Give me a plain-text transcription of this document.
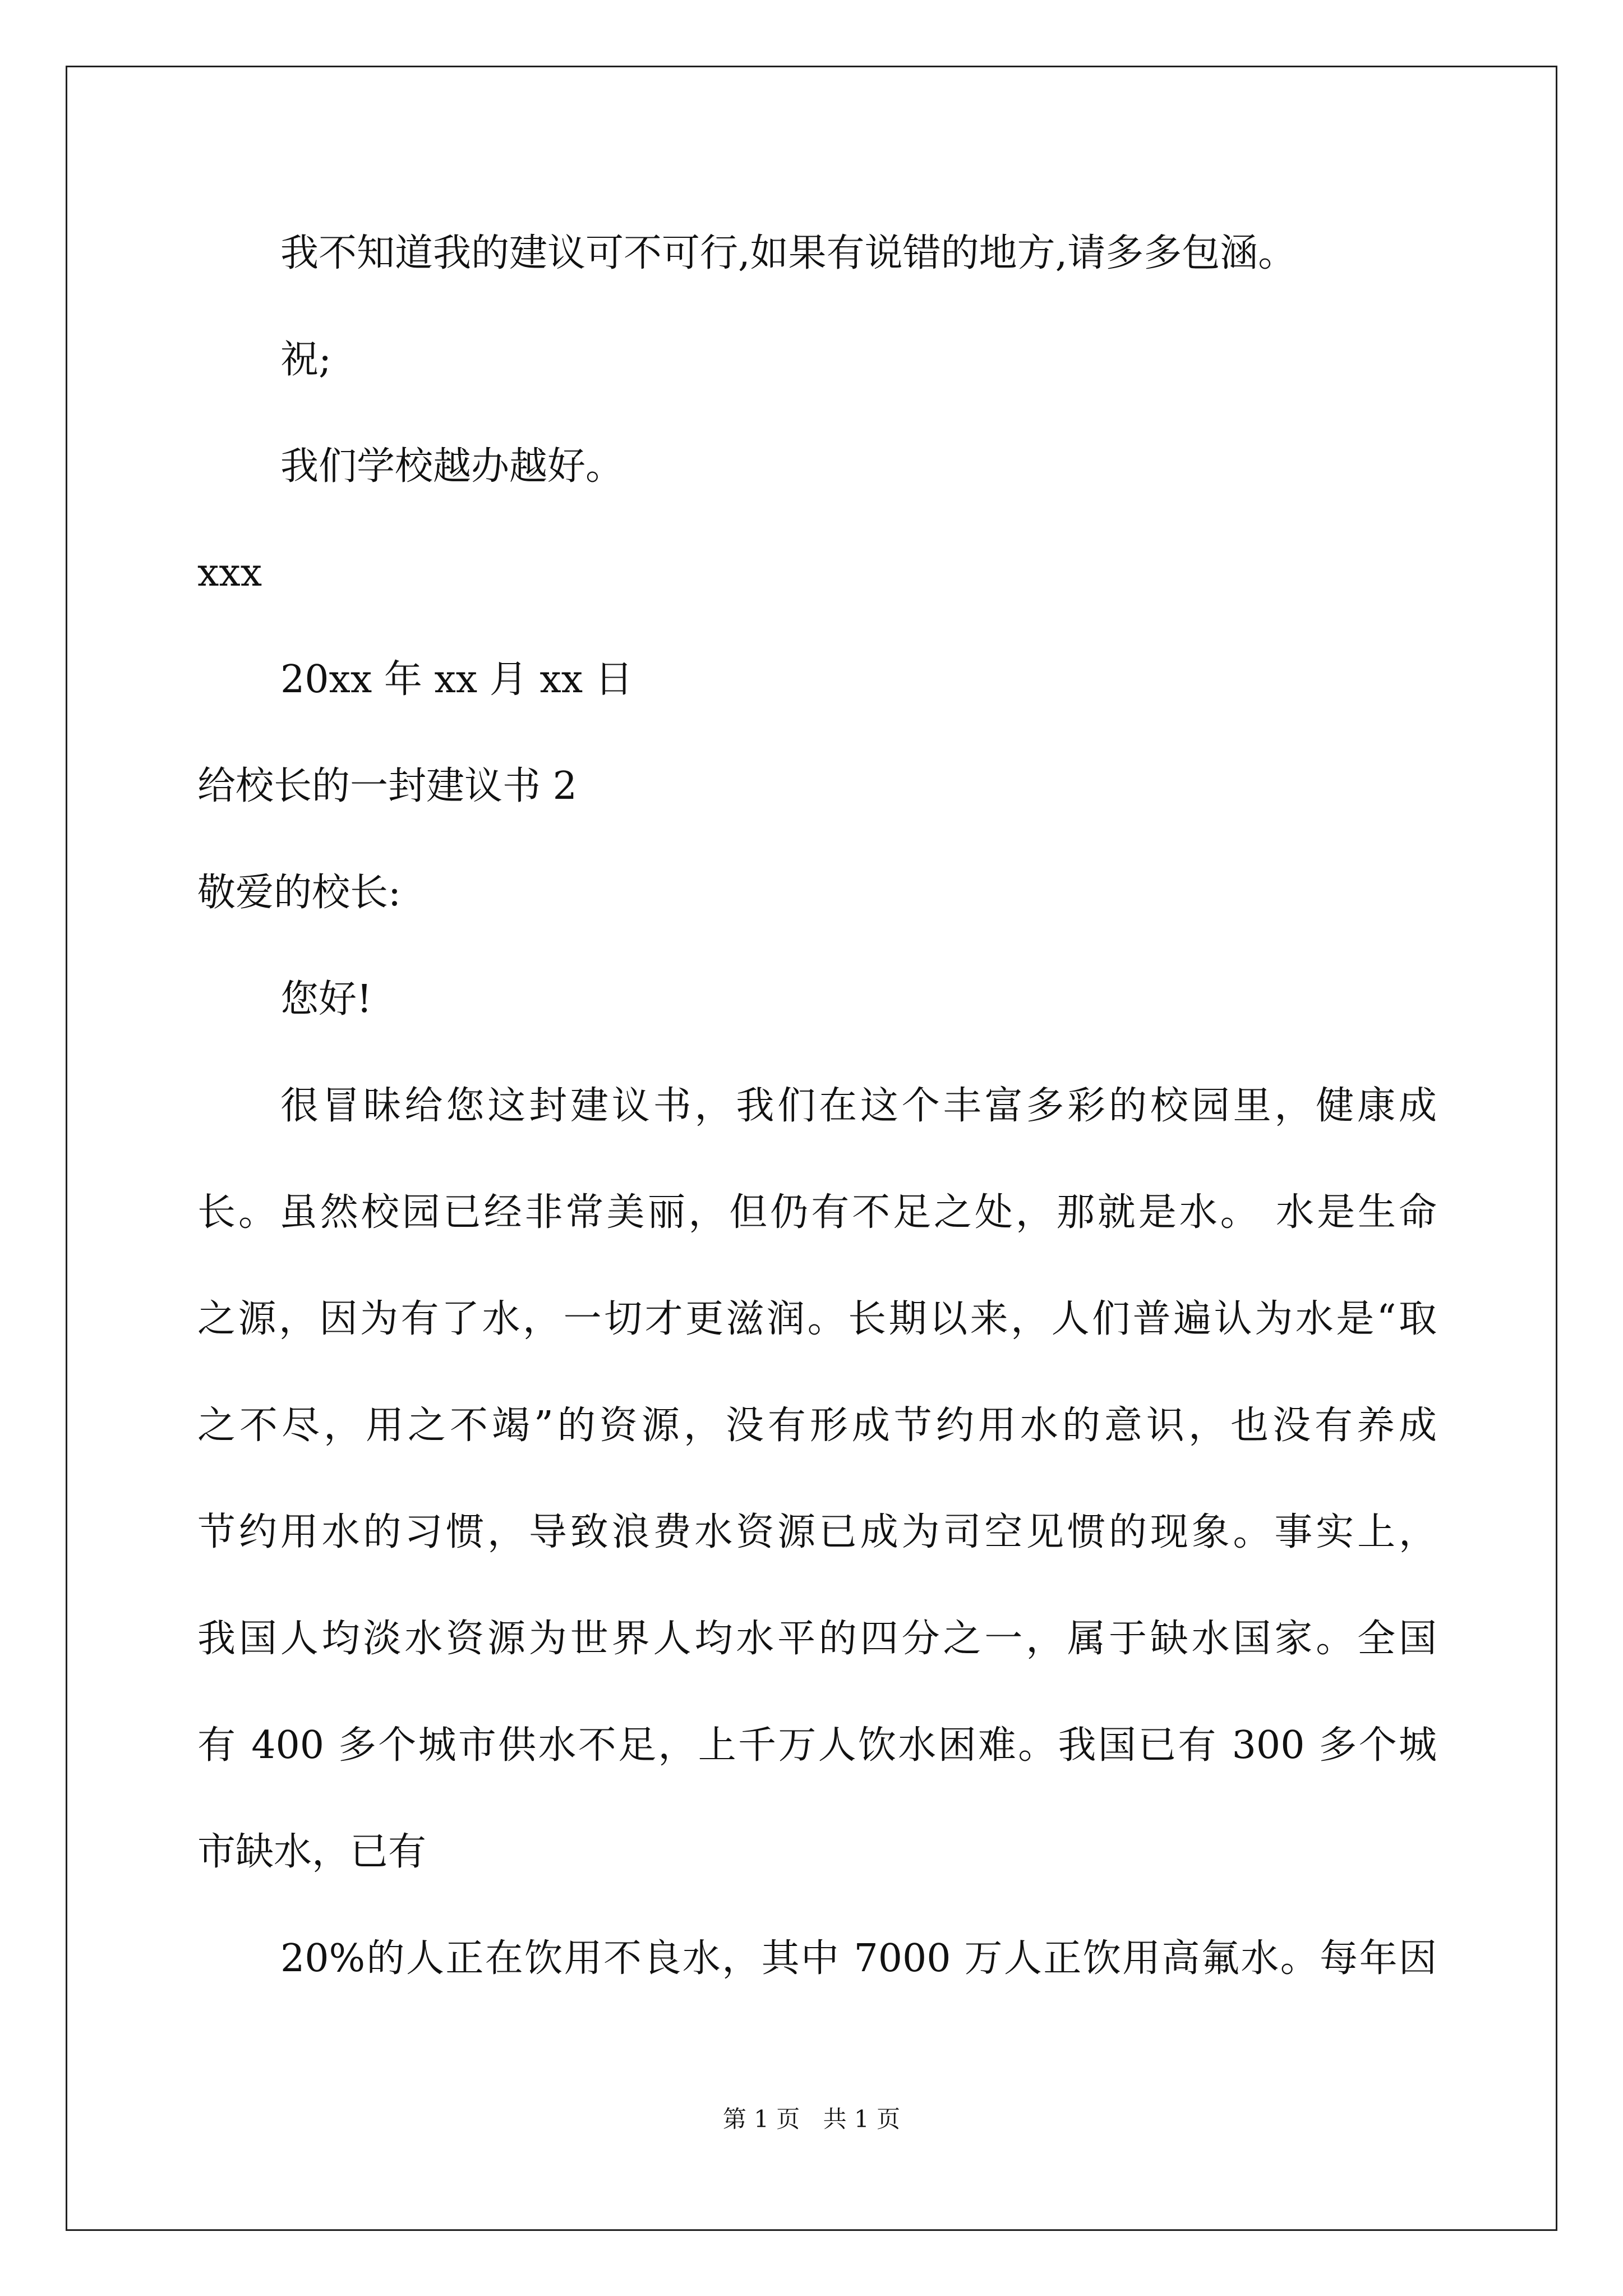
我不知道我的建议可不可行,如果有说错的地方,请多多包涵。
祝;
我们学校越办越好。
xxx
20xx 年 xx 月 xx 日
给校长的一封建议书 2
敬爱的校长:
您好!
很冒昧给您这封建议书，我们在这个丰富多彩的校园里，健康成
长。虽然校园已经非常美丽，但仍有不足之处，那就是水。 水是生命
之源，因为有了水，一切才更滋润。长期以来，人们普遍认为水是“取
之不尽，用之不竭”的资源，没有形成节约用水的意识，也没有养成
节约用水的习惯，导致浪费水资源已成为司空见惯的现象。事实上，
我国人均淡水资源为世界人均水平的四分之一，属于缺水国家。全国
有 400 多个城市供水不足，上千万人饮水困难。我国已有 300 多个城
市缺水，已有
20%的人正在饮用不良水，其中 7000 万人正饮用高氟水。每年因
第 1 页 共 1 页
